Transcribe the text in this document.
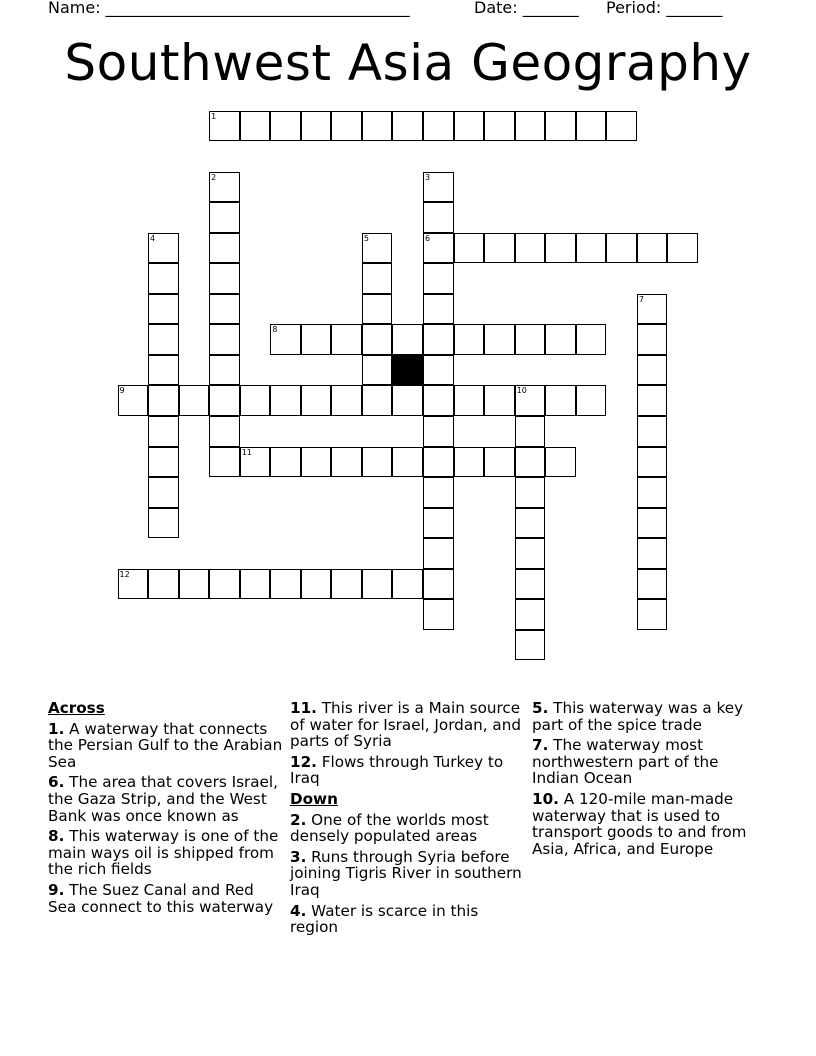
Name: ______________________________________	Date: _______ Period: _______
Southwest Asia Geography
1
2	3
6
4	5
7
8
9	10
11
12
Across
1. A waterway that connects the Persian Gulf to the Arabian Sea
6. The area that covers Israel, the Gaza Strip, and the West Bank was once known as
8. This waterway is one of the main ways oil is shipped from the rich fields
9. The Suez Canal and Red Sea connect to this waterway
11. This river is a Main source of water for Israel, Jordan, and parts of Syria
12. Flows through Turkey to Iraq
Down
2. One of the worlds most densely populated areas
3. Runs through Syria before joining Tigris River in southern Iraq
4. Water is scarce in this region
5. This waterway was a key part of the spice trade
7. The waterway most northwestern part of the Indian Ocean
10. A 120-mile man-made waterway that is used to transport goods to and from Asia, Africa, and Europe
